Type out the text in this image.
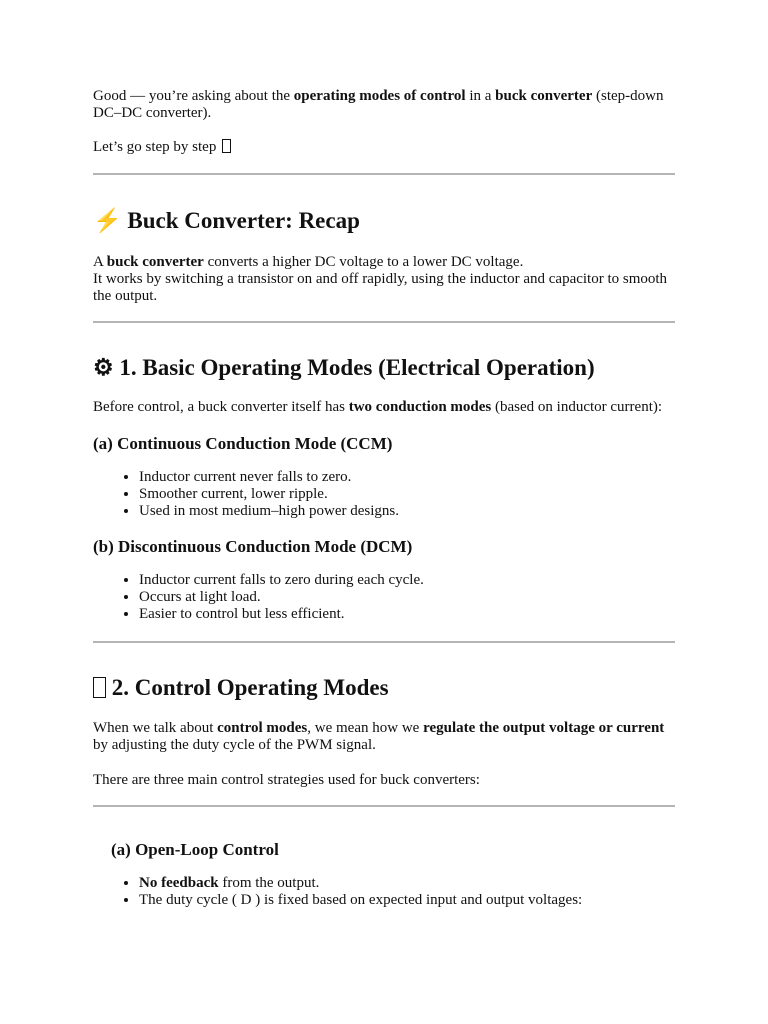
Good — you’re asking about the operating modes of control in a buck converter (step-down DC–DC converter).

Let’s go step by step

⚡ Buck Converter: Recap

A buck converter converts a higher DC voltage to a lower DC voltage.
It works by switching a transistor on and off rapidly, using the inductor and capacitor to smooth the output.

⚙ 1. Basic Operating Modes (Electrical Operation)

Before control, a buck converter itself has two conduction modes (based on inductor current):

(a) Continuous Conduction Mode (CCM)
• Inductor current never falls to zero.
• Smoother current, lower ripple.
• Used in most medium–high power designs.
(b) Discontinuous Conduction Mode (DCM)
• Inductor current falls to zero during each cycle.
• Occurs at light load.
• Easier to control but less efficient.
2. Control Operating Modes

When we talk about control modes, we mean how we regulate the output voltage or current by adjusting the duty cycle of the PWM signal.

There are three main control strategies used for buck converters:

(a) Open-Loop Control
• No feedback from the output.
• The duty cycle ( D ) is fixed based on expected input and output voltages:
